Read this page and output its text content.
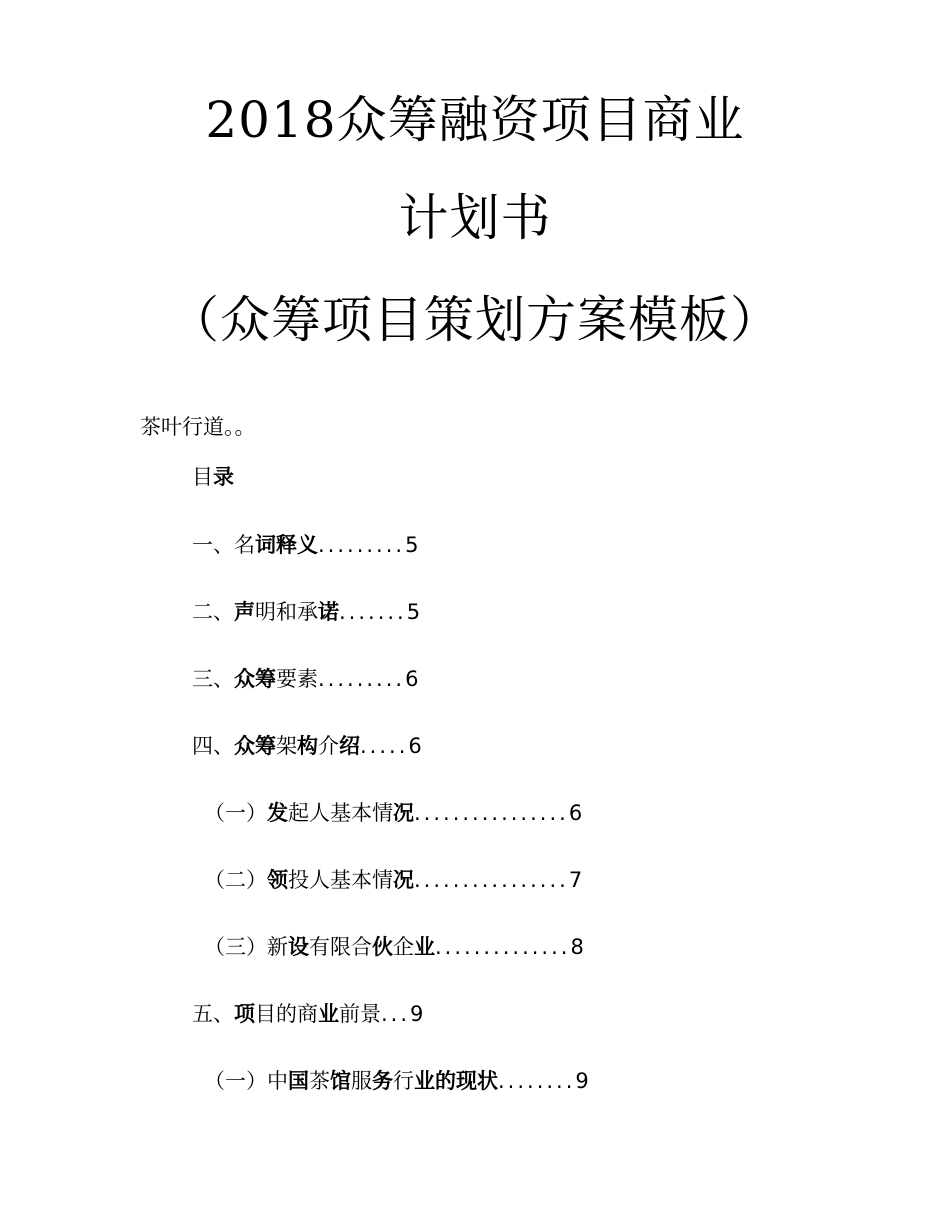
2018众筹融资项目商业
计划书
（众筹项目策划方案模板）
茶叶行道。。
目录
一、名词释义.........5
二、声明和承诺.......5
三、众筹要素.........6
四、众筹架构介绍.....6
（一）发起人基本情况................6
（二）领投人基本情况................7
（三）新设有限合伙企业..............8
五、项目的商业前景...9
（一）中国茶馆服务行业的现状........9
